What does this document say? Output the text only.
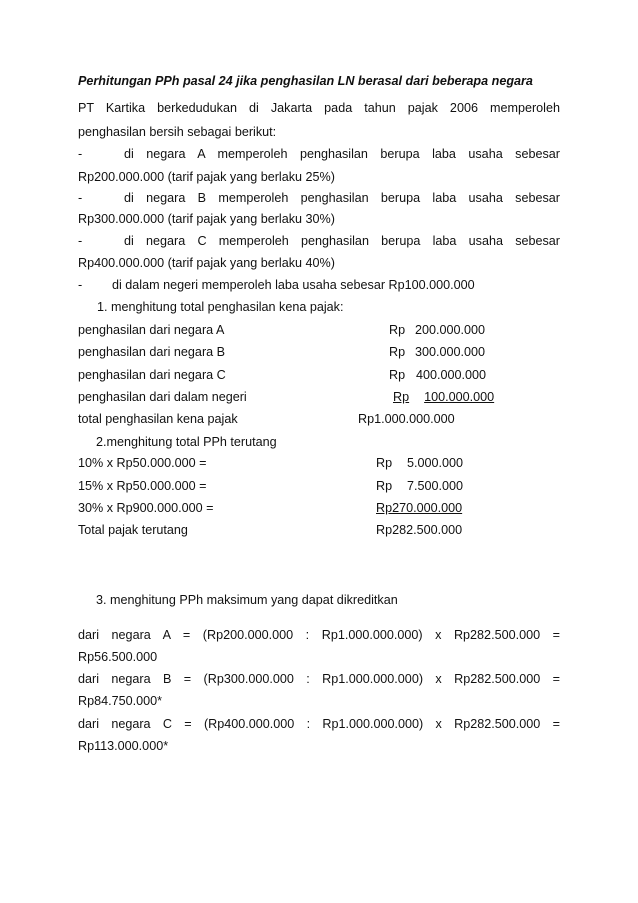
Perhitungan PPh pasal 24 jika penghasilan LN berasal dari beberapa negara
PT Kartika berkedudukan di Jakarta pada tahun pajak 2006 memperoleh
penghasilan bersih sebagai berikut:
-	di negara A memperoleh penghasilan berupa laba usaha sebesar
Rp200.000.000 (tarif pajak yang berlaku 25%)
-	di negara B memperoleh penghasilan berupa laba usaha sebesar
Rp300.000.000 (tarif pajak yang berlaku 30%)
-	di negara C memperoleh penghasilan berupa laba usaha sebesar
Rp400.000.000 (tarif pajak yang berlaku 40%)
- di dalam negeri memperoleh laba usaha sebesar Rp100.000.000
1. menghitung total penghasilan kena pajak:
penghasilan dari negara A	Rp 200.000.000
penghasilan dari negara B	Rp 300.000.000
penghasilan dari negara C	Rp 400.000.000
penghasilan dari dalam negeri	Rp 100.000.000
total penghasilan kena pajak	Rp1.000.000.000
2.menghitung total PPh terutang
10% x Rp50.000.000 =	Rp 5.000.000
15% x Rp50.000.000 =	Rp 7.500.000
30% x Rp900.000.000 =	Rp270.000.000
Total pajak terutang	Rp282.500.000
3. menghitung PPh maksimum yang dapat dikreditkan
dari negara A = (Rp200.000.000 : Rp1.000.000.000) x Rp282.500.000 =
Rp56.500.000
dari negara B = (Rp300.000.000 : Rp1.000.000.000) x Rp282.500.000 =
Rp84.750.000*
dari negara C = (Rp400.000.000 : Rp1.000.000.000) x Rp282.500.000 =
Rp113.000.000*
